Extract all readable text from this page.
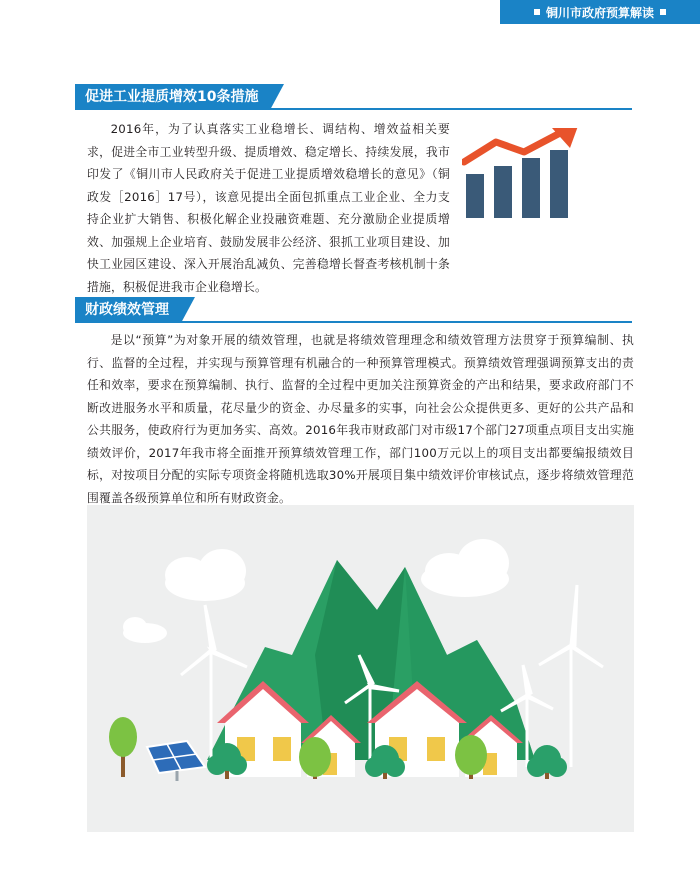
铜川市政府预算解读
促进工业提质增效10条措施
2016年，为了认真落实工业稳增长、调结构、增效益相关要求，促进全市工业转型升级、提质增效、稳定增长、持续发展，我市印发了《铜川市人民政府关于促进工业提质增效稳增长的意见》（铜政发［2016］17号），该意见提出全面包抓重点工业企业、全力支持企业扩大销售、积极化解企业投融资难题、充分激励企业提质增效、加强规上企业培育、鼓励发展非公经济、狠抓工业项目建设、加快工业园区建设、深入开展治乱减负、完善稳增长督查考核机制十条措施，积极促进我市企业稳增长。
财政绩效管理
是以“预算”为对象开展的绩效管理，也就是将绩效管理理念和绩效管理方法贯穿于预算编制、执行、监督的全过程，并实现与预算管理有机融合的一种预算管理模式。预算绩效管理强调预算支出的责任和效率，要求在预算编制、执行、监督的全过程中更加关注预算资金的产出和结果，要求政府部门不断改进服务水平和质量，花尽量少的资金、办尽量多的实事，向社会公众提供更多、更好的公共产品和公共服务，使政府行为更加务实、高效。2016年我市财政部门对市级17个部门27项重点项目支出实施绩效评价，2017年我市将全面推开预算绩效管理工作，部门100万元以上的项目支出都要编报绩效目标，对按项目分配的实际专项资金将随机选取30%开展项目集中绩效评价审核试点，逐步将绩效管理范围覆盖各级预算单位和所有财政资金。
